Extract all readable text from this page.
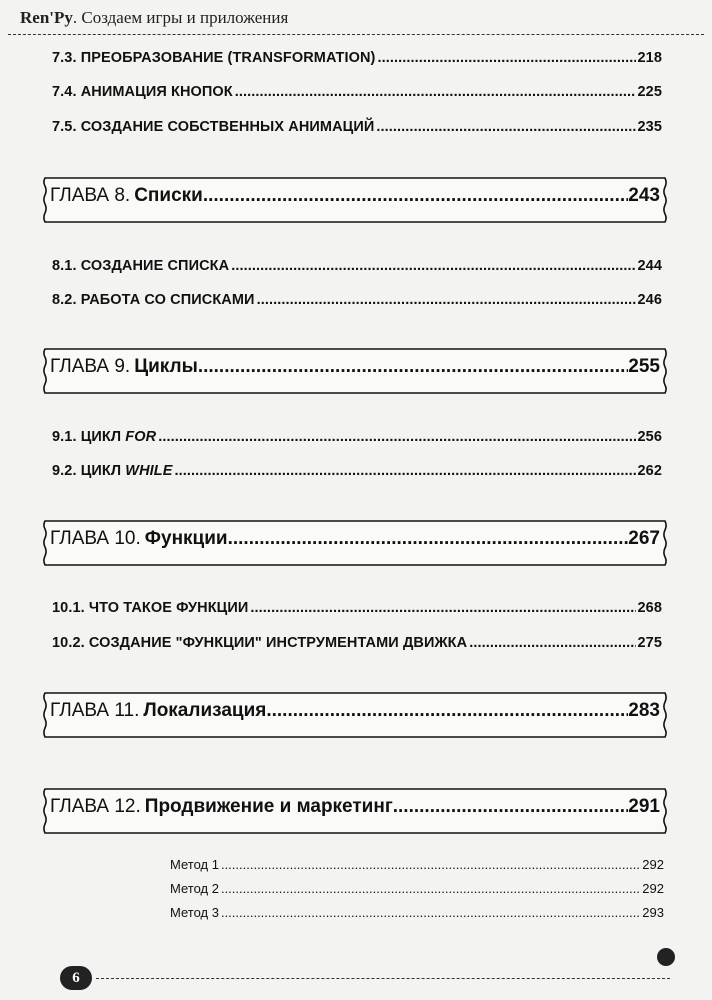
Ren'Py. Создаем игры и приложения
7.3. ПРЕОБРАЗОВАНИЕ (TRANSFORMATION) .....	218
7.4. АНИМАЦИЯ КНОПОК .....	225
7.5. СОЗДАНИЕ СОБСТВЕННЫХ АНИМАЦИЙ .....	235
ГЛАВА 8. Списки .....	243
8.1. СОЗДАНИЕ СПИСКА .....	244
8.2. РАБОТА СО СПИСКАМИ .....	246
ГЛАВА 9. Циклы .....	255
9.1. ЦИКЛ FOR .....	256
9.2. ЦИКЛ WHILE .....	262
ГЛАВА 10. Функции .....	267
10.1. ЧТО ТАКОЕ ФУНКЦИИ .....	268
10.2. СОЗДАНИЕ "ФУНКЦИИ" ИНСТРУМЕНТАМИ ДВИЖКА .....	275
ГЛАВА 11. Локализация .....	283
ГЛАВА 12. Продвижение и маркетинг .....	291
Метод 1 .....	292
Метод 2 .....	292
Метод 3 .....	293
6
